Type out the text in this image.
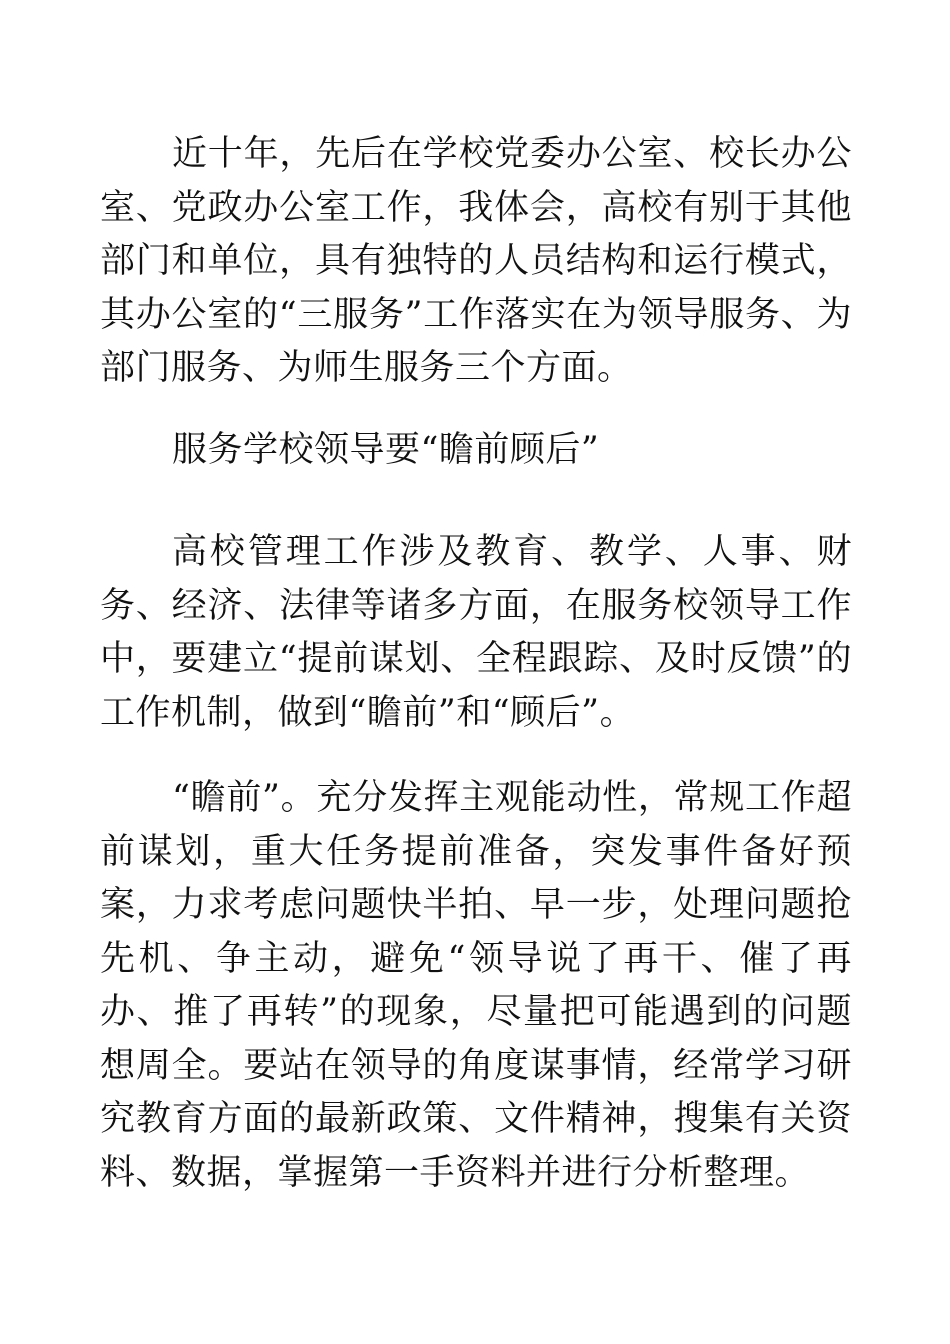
近十年，先后在学校党委办公室、校长办公室、党政办公室工作，我体会，高校有别于其他部门和单位，具有独特的人员结构和运行模式，其办公室的“三服务”工作落实在为领导服务、为部门服务、为师生服务三个方面。

服务学校领导要“瞻前顾后”

高校管理工作涉及教育、教学、人事、财务、经济、法律等诸多方面，在服务校领导工作中，要建立“提前谋划、全程跟踪、及时反馈”的工作机制，做到“瞻前”和“顾后”。

“瞻前”。充分发挥主观能动性，常规工作超前谋划，重大任务提前准备，突发事件备好预案，力求考虑问题快半拍、早一步，处理问题抢先机、争主动，避免“领导说了再干、催了再办、推了再转”的现象，尽量把可能遇到的问题想周全。要站在领导的角度谋事情，经常学习研究教育方面的最新政策、文件精神，搜集有关资料、数据，掌握第一手资料并进行分析整理。
